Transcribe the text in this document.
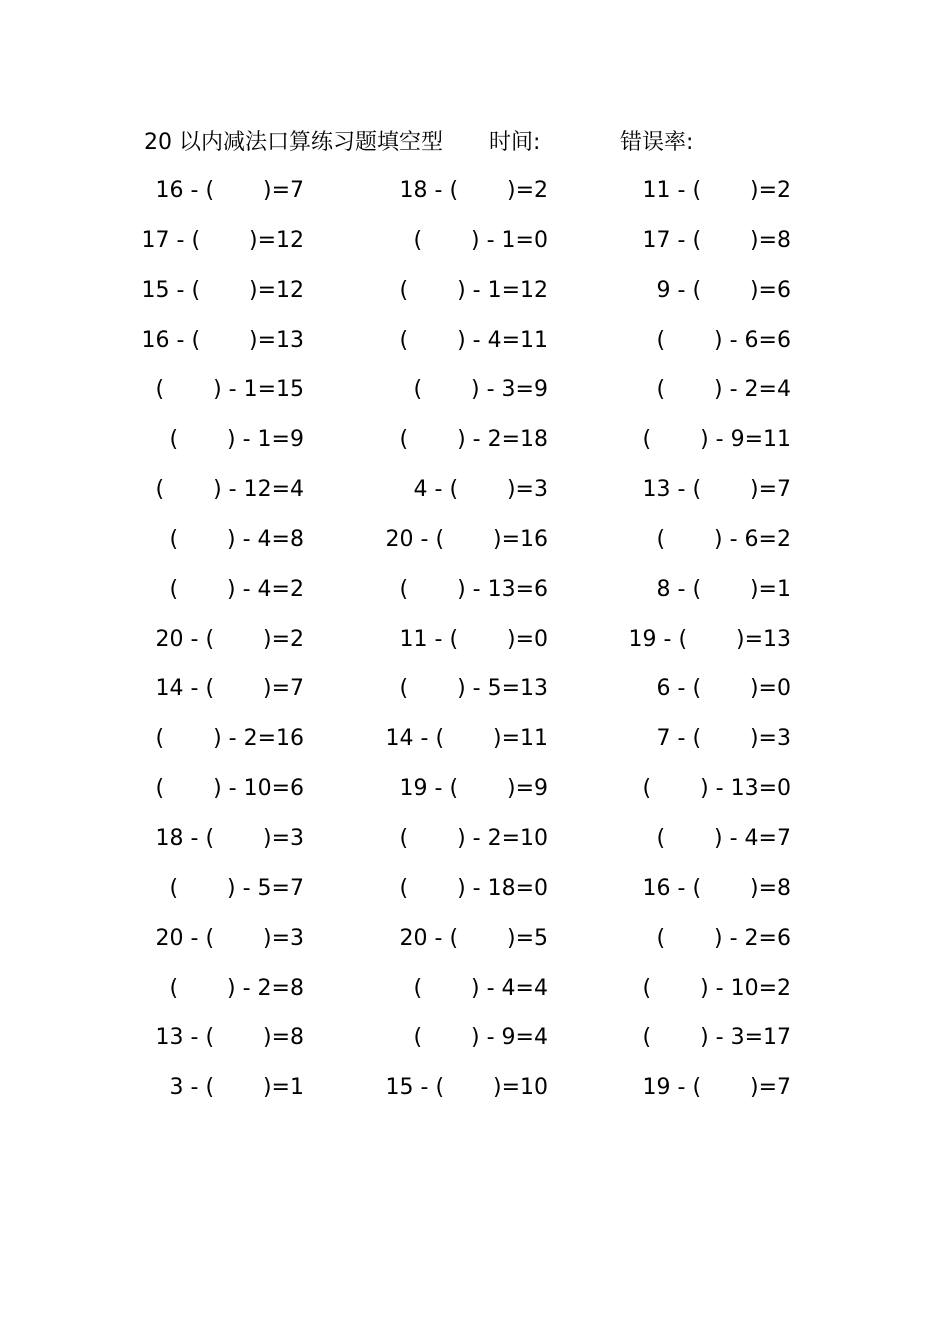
20 以内减法口算练习题填空型 时间:	错误率:
16 - (       )=7	18 - (       )=2	11 - (       )=2
17 - (       )=12	(       ) - 1=0	17 - (       )=8
15 - (       )=12	(       ) - 1=12	9 - (       )=6
16 - (       )=13	(       ) - 4=11	(       ) - 6=6
(       ) - 1=15	(       ) - 3=9	(       ) - 2=4
(       ) - 1=9	(       ) - 2=18	(       ) - 9=11
(       ) - 12=4	4 - (       )=3	13 - (       )=7
(       ) - 4=8	20 - (       )=16	(       ) - 6=2
(       ) - 4=2	(       ) - 13=6	8 - (       )=1
20 - (       )=2	11 - (       )=0	19 - (       )=13
14 - (       )=7	(       ) - 5=13	6 - (       )=0
(       ) - 2=16	14 - (       )=11	7 - (       )=3
(       ) - 10=6	19 - (       )=9	(       ) - 13=0
18 - (       )=3	(       ) - 2=10	(       ) - 4=7
(       ) - 5=7	(       ) - 18=0	16 - (       )=8
20 - (       )=3	20 - (       )=5	(       ) - 2=6
(       ) - 2=8	(       ) - 4=4	(       ) - 10=2
13 - (       )=8	(       ) - 9=4	(       ) - 3=17
3 - (       )=1	15 - (       )=10	19 - (       )=7
